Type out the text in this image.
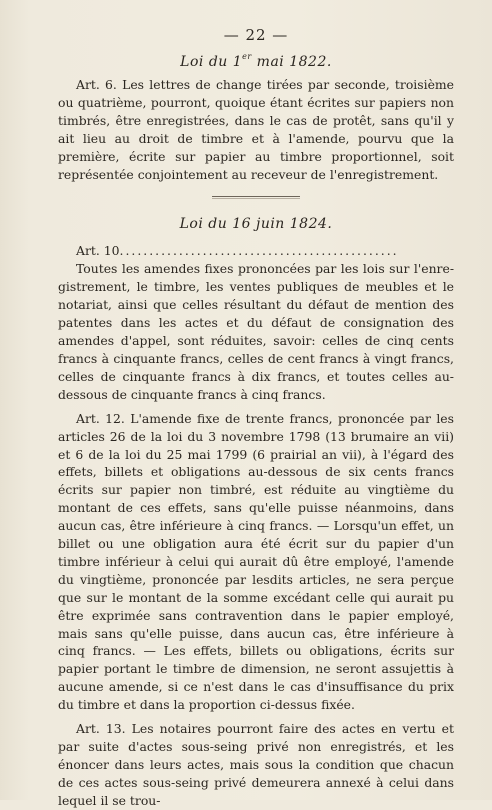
— 22 —
Loi du 1er mai 1822.

Art. 6. Les lettres de change tirées par seconde, troisième ou quatrième, pourront, quoique étant écrites sur papiers non timbrés, être enregistrées, dans le cas de protêt, sans qu'il y ait lieu au droit de timbre et à l'amende, pourvu que la première, écrite sur papier au timbre proportionnel, soit représentée conjointement au receveur de l'enregistrement.

Loi du 16 juin 1824.
Art. 10...............................................

Toutes les amendes fixes prononcées par les lois sur l'enregistrement, le timbre, les ventes publiques de meubles et le notariat, ainsi que celles résultant du défaut de mention des patentes dans les actes et du défaut de consignation des amendes d'appel, sont réduites, savoir: celles de cinq cents francs à cinquante francs, celles de cent francs à vingt francs, celles de cinquante francs à dix francs, et toutes celles au-dessous de cinquante francs à cinq francs.

Art. 12. L'amende fixe de trente francs, prononcée par les articles 26 de la loi du 3 novembre 1798 (13 brumaire an vii) et 6 de la loi du 25 mai 1799 (6 prairial an vii), à l'égard des effets, billets et obligations au-dessous de six cents francs écrits sur papier non timbré, est réduite au vingtième du montant de ces effets, sans qu'elle puisse néanmoins, dans aucun cas, être inférieure à cinq francs. — Lorsqu'un effet, un billet ou une obligation aura été écrit sur du papier d'un timbre inférieur à celui qui aurait dû être employé, l'amende du vingtième, prononcée par lesdits articles, ne sera perçue que sur le montant de la somme excédant celle qui aurait pu être exprimée sans contravention dans le papier employé, mais sans qu'elle puisse, dans aucun cas, être inférieure à cinq francs. — Les effets, billets ou obligations, écrits sur papier portant le timbre de dimension, ne seront assujettis à aucune amende, si ce n'est dans le cas d'insuffisance du prix du timbre et dans la proportion ci-dessus fixée.

Art. 13. Les notaires pourront faire des actes en vertu et par suite d'actes sous-seing privé non enregistrés, et les énoncer dans leurs actes, mais sous la condition que chacun de ces actes sous-seing privé demeurera annexé à celui dans lequel il se trou-
